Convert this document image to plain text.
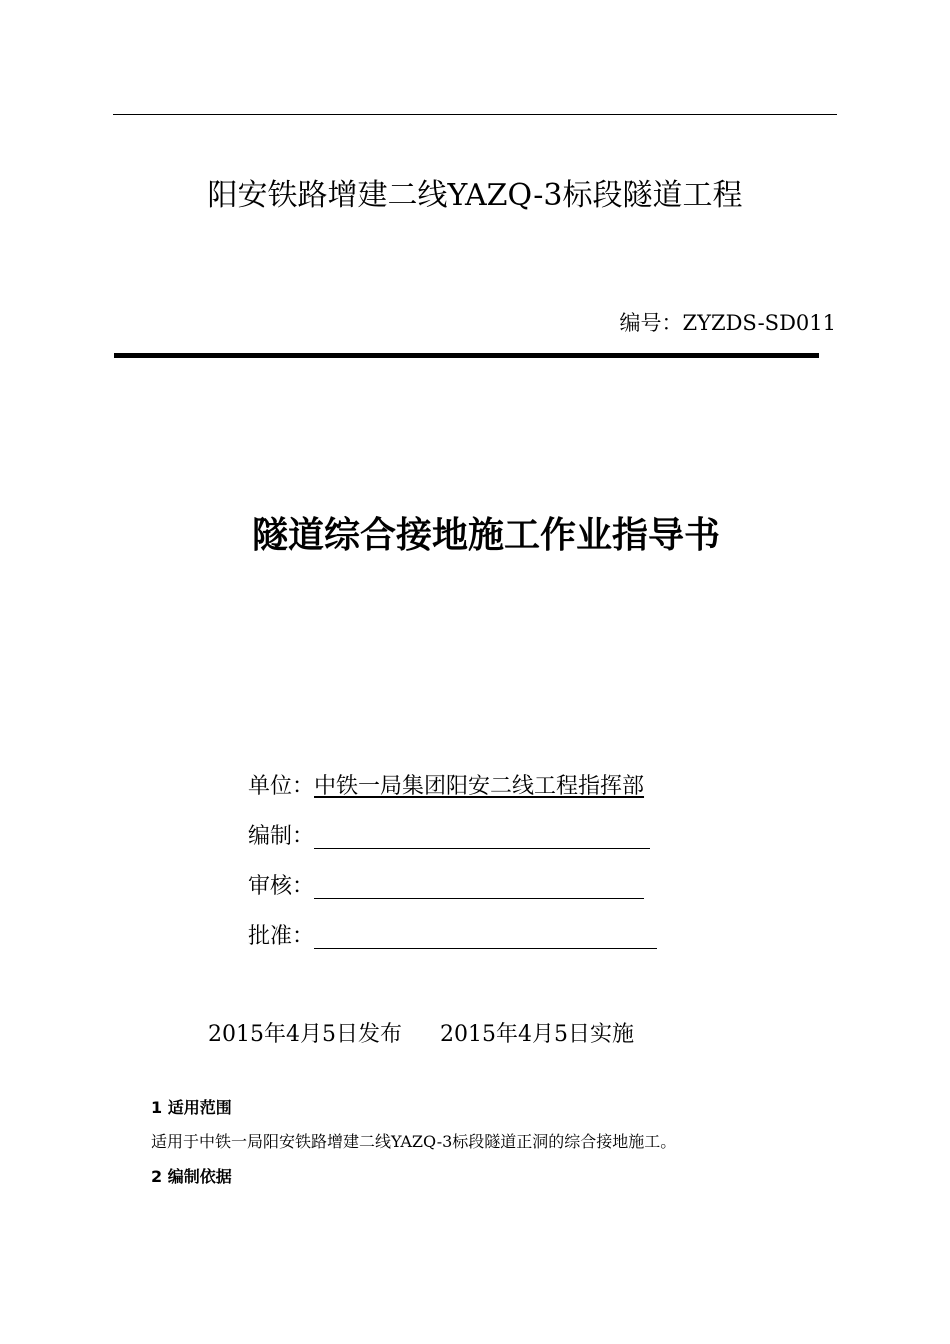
阳安铁路增建二线YAZQ-3标段隧道工程
编号：ZYZDS-SD011
隧道综合接地施工作业指导书
单位： 中铁一局集团阳安二线工程指挥部
编制：
审核：
批准：
2015年4月5日发布 2015年4月5日实施
1 适用范围
适用于中铁一局阳安铁路增建二线YAZQ-3标段隧道正洞的综合接地施工。
2 编制依据
